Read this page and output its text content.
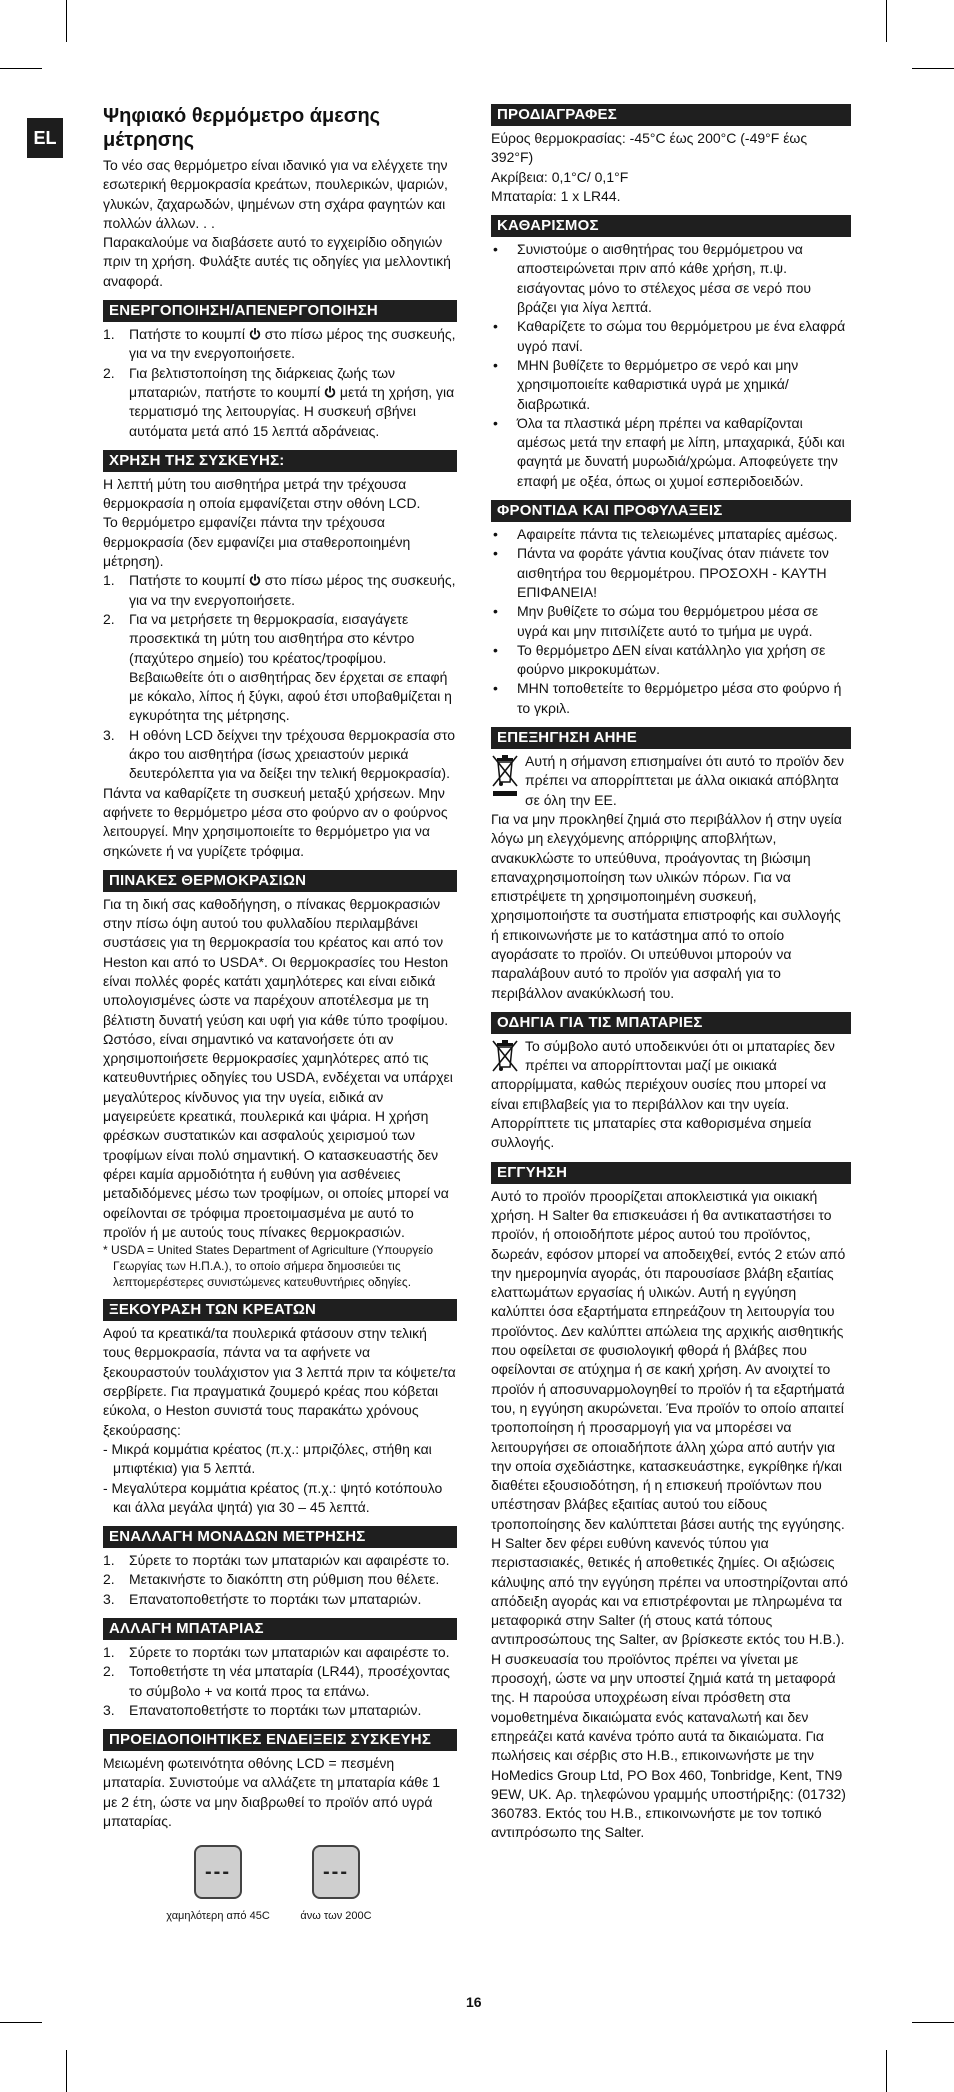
EL
Ψηφιακό θερμόμετρο άμεσης μέτρησης

Το νέο σας θερμόμετρο είναι ιδανικό για να ελέγχετε την εσωτερική θερμοκρασία κρεάτων, πουλερικών, ψαριών, γλυκών, ζαχαρωδών, ψημένων στη σχάρα φαγητών και πολλών άλλων. . .

Παρακαλούμε να διαβάσετε αυτό το εγχειρίδιο οδηγιών πριν τη χρήση. Φυλάξτε αυτές τις οδηγίες για μελλοντική αναφορά.

ΕΝΕΡΓΟΠΟΙΗΣΗ/ΑΠΕΝΕΡΓΟΠΟΙΗΣΗ
1. Πατήστε το κουμπί στο πίσω μέρος της συσκευής, για να την ενεργοποιήσετε.
2. Για βελτιστοποίηση της διάρκειας ζωής των μπαταριών, πατήστε το κουμπί μετά τη χρήση, για τερματισμό της λειτουργίας. Η συσκευή σβήνει αυτόματα μετά από 15 λεπτά αδράνειας.
ΧΡΗΣΗ ΤΗΣ ΣΥΣΚΕΥΗΣ:

Η λεπτή μύτη του αισθητήρα μετρά την τρέχουσα θερμοκρασία η οποία εμφανίζεται στην οθόνη LCD.

Το θερμόμετρο εμφανίζει πάντα την τρέχουσα θερμοκρασία (δεν εμφανίζει μια σταθεροποιημένη μέτρηση).

1. Πατήστε το κουμπί στο πίσω μέρος της συσκευής, για να την ενεργοποιήσετε.
2. Για να μετρήσετε τη θερμοκρασία, εισαγάγετε προσεκτικά τη μύτη του αισθητήρα στο κέντρο (παχύτερο σημείο) του κρέατος/τροφίμου. Βεβαιωθείτε ότι ο αισθητήρας δεν έρχεται σε επαφή με κόκαλο, λίπος ή ξύγκι, αφού έτσι υποβαθμίζεται η εγκυρότητα της μέτρησης.
3. Η οθόνη LCD δείχνει την τρέχουσα θερμοκρασία στο άκρο του αισθητήρα (ίσως χρειαστούν μερικά δευτερόλεπτα για να δείξει την τελική θερμοκρασία).

Πάντα να καθαρίζετε τη συσκευή μεταξύ χρήσεων. Μην αφήνετε το θερμόμετρο μέσα στο φούρνο αν ο φούρνος λειτουργεί. Μην χρησιμοποιείτε το θερμόμετρο για να σηκώνετε ή να γυρίζετε τρόφιμα.

ΠΙΝΑΚΕΣ ΘΕΡΜΟΚΡΑΣΙΩΝ

Για τη δική σας καθοδήγηση, ο πίνακας θερμοκρασιών στην πίσω όψη αυτού του φυλλαδίου περιλαμβάνει συστάσεις για τη θερμοκρασία του κρέατος και από τον Heston και από το USDA*. Οι θερμοκρασίες του Heston είναι πολλές φορές κατάτι χαμηλότερες και είναι ειδικά υπολογισμένες ώστε να παρέχουν αποτέλεσμα με τη βέλτιστη δυνατή γεύση και υφή για κάθε τύπο τροφίμου. Ωστόσο, είναι σημαντικό να κατανοήσετε ότι αν χρησιμοποιήσετε θερμοκρασίες χαμηλότερες από τις κατευθυντήριες οδηγίες του USDA, ενδέχεται να υπάρχει μεγαλύτερος κίνδυνος για την υγεία, ειδικά αν μαγειρεύετε κρεατικά, πουλερικά και ψάρια. Η χρήση φρέσκων συστατικών και ασφαλούς χειρισμού των τροφίμων είναι πολύ σημαντική. Ο κατασκευαστής δεν φέρει καμία αρμοδιότητα ή ευθύνη για ασθένειες μεταδιδόμενες μέσω των τροφίμων, οι οποίες μπορεί να οφείλονται σε τρόφιμα προετοιμασμένα με αυτό το προϊόν ή με αυτούς τους πίνακες θερμοκρασιών.

* USDA = United States Department of Agriculture (Υπουργείο Γεωργίας των Η.Π.Α.), το οποίο σήμερα δημοσιεύει τις λεπτομερέστερες συνιστώμενες κατευθυντήριες οδηγίες.

ΞΕΚΟΥΡΑΣΗ ΤΩΝ ΚΡΕΑΤΩΝ

Αφού τα κρεατικά/τα πουλερικά φτάσουν στην τελική τους θερμοκρασία, πάντα να τα αφήνετε να ξεκουραστούν τουλάχιστον για 3 λεπτά πριν τα κόψετε/τα σερβίρετε. Για πραγματικά ζουμερό κρέας που κόβεται εύκολα, ο Heston συνιστά τους παρακάτω χρόνους ξεκούρασης:

- Μικρά κομμάτια κρέατος (π.χ.: μπριζόλες, στήθη και μπιφτέκια) για 5 λεπτά.

- Μεγαλύτερα κομμάτια κρέατος (π.χ.: ψητό κοτόπουλο και άλλα μεγάλα ψητά) για 30 – 45 λεπτά.

ΕΝΑΛΛΑΓΗ ΜΟΝΑΔΩΝ ΜΕΤΡΗΣΗΣ
1. Σύρετε το πορτάκι των μπαταριών και αφαιρέστε το.
2. Μετακινήστε το διακόπτη στη ρύθμιση που θέλετε.
3. Επανατοποθετήστε το πορτάκι των μπαταριών.
ΑΛΛΑΓΗ ΜΠΑΤΑΡΙΑΣ
1. Σύρετε το πορτάκι των μπαταριών και αφαιρέστε το.
2. Τοποθετήστε τη νέα μπαταρία (LR44), προσέχοντας το σύμβολο + να κοιτά προς τα επάνω.
3. Επανατοποθετήστε το πορτάκι των μπαταριών.
ΠΡΟΕΙΔΟΠΟΙΗΤΙΚΕΣ ΕΝΔΕΙΞΕΙΣ ΣΥΣΚΕΥΗΣ

Μειωμένη φωτεινότητα οθόνης LCD = πεσμένη μπαταρία. Συνιστούμε να αλλάζετε τη μπαταρία κάθε 1 με 2 έτη, ώστε να μην διαβρωθεί το προϊόν από υγρά μπαταρίας.

---
χαμηλότερη από 45C
---
άνω των 200C
ΠΡΟΔΙΑΓΡΑΦΕΣ

Εύρος θερμοκρασίας: -45°C έως 200°C (-49°F έως 392°F)

Ακρίβεια: 0,1°C/ 0,1°F

Μπαταρία: 1 x LR44.

ΚΑΘΑΡΙΣΜΟΣ
• Συνιστούμε ο αισθητήρας του θερμόμετρου να αποστειρώνεται πριν από κάθε χρήση, π.ψ. εισάγοντας μόνο το στέλεχος μέσα σε νερό που βράζει για λίγα λεπτά.
• Καθαρίζετε το σώμα του θερμόμετρου με ένα ελαφρά υγρό πανί.
• ΜΗΝ βυθίζετε το θερμόμετρο σε νερό και μην χρησιμοποιείτε καθαριστικά υγρά με χημικά/διαβρωτικά.
• Όλα τα πλαστικά μέρη πρέπει να καθαρίζονται αμέσως μετά την επαφή με λίπη, μπαχαρικά, ξύδι και φαγητά με δυνατή μυρωδιά/χρώμα. Αποφεύγετε την επαφή με οξέα, όπως οι χυμοί εσπεριδοειδών.
ΦΡΟΝΤΙΔΑ ΚΑΙ ΠΡΟΦΥΛΑΞΕΙΣ
• Αφαιρείτε πάντα τις τελειωμένες μπαταρίες αμέσως.
• Πάντα να φοράτε γάντια κουζίνας όταν πιάνετε τον αισθητήρα του θερμομέτρου. ΠΡΟΣΟΧΗ - ΚΑΥΤΗ ΕΠΙΦΑΝΕΙΑ!
• Μην βυθίζετε το σώμα του θερμόμετρου μέσα σε υγρά και μην πιτσιλίζετε αυτό το τμήμα με υγρά.
• Το θερμόμετρο ΔΕΝ είναι κατάλληλο για χρήση σε φούρνο μικροκυμάτων.
• ΜΗΝ τοποθετείτε το θερμόμετρο μέσα στο φούρνο ή το γκριλ.
ΕΠΕΞΗΓΗΣΗ ΑΗΗΕ

Αυτή η σήμανση επισημαίνει ότι αυτό το προϊόν δεν πρέπει να απορρίπτεται με άλλα οικιακά απόβλητα σε όλη την ΕΕ.

Για να μην προκληθεί ζημιά στο περιβάλλον ή στην υγεία λόγω μη ελεγχόμενης απόρριψης αποβλήτων, ανακυκλώστε το υπεύθυνα, προάγοντας τη βιώσιμη επαναχρησιμοποίηση των υλικών πόρων. Για να επιστρέψετε τη χρησιμοποιημένη συσκευή, χρησιμοποιήστε τα συστήματα επιστροφής και συλλογής ή επικοινωνήστε με το κατάστημα από το οποίο αγοράσατε το προϊόν. Οι υπεύθυνοι μπορούν να παραλάβουν αυτό το προϊόν για ασφαλή για το περιβάλλον ανακύκλωσή του.

ΟΔΗΓΙΑ ΓΙΑ ΤΙΣ ΜΠΑΤΑΡΙΕΣ

Το σύμβολο αυτό υποδεικνύει ότι οι μπαταρίες δεν πρέπει να απορρίπτονται μαζί με οικιακά

απορρίμματα, καθώς περιέχουν ουσίες που μπορεί να είναι επιβλαβείς για το περιβάλλον και την υγεία. Απορρίπτετε τις μπαταρίες στα καθορισμένα σημεία συλλογής.

ΕΓΓΥΗΣΗ

Αυτό το προϊόν προορίζεται αποκλειστικά για οικιακή χρήση. Η Salter θα επισκευάσει ή θα αντικαταστήσει το προϊόν, ή οποιοδήποτε μέρος αυτού του προϊόντος, δωρεάν, εφόσον μπορεί να αποδειχθεί, εντός 2 ετών από την ημερομηνία αγοράς, ότι παρουσίασε βλάβη εξαιτίας ελαττωμάτων εργασίας ή υλικών. Αυτή η εγγύηση καλύπτει όσα εξαρτήματα επηρεάζουν τη λειτουργία του προϊόντος. Δεν καλύπτει απώλεια της αρχικής αισθητικής που οφείλεται σε φυσιολογική φθορά ή βλάβες που οφείλονται σε ατύχημα ή σε κακή χρήση. Αν ανοιχτεί το προϊόν ή αποσυναρμολογηθεί το προϊόν ή τα εξαρτήματά του, η εγγύηση ακυρώνεται. Ένα προϊόν το οποίο απαιτεί τροποποίηση ή προσαρμογή για να μπορέσει να λειτουργήσει σε οποιαδήποτε άλλη χώρα από αυτήν για την οποία σχεδιάστηκε, κατασκευάστηκε, εγκρίθηκε ή/και διαθέτει εξουσιοδότηση, ή η επισκευή προϊόντων που υπέστησαν βλάβες εξαιτίας αυτού του είδους τροποποίησης δεν καλύπτεται βάσει αυτής της εγγύησης. Η Salter δεν φέρει ευθύνη κανενός τύπου για περιστασιακές, θετικές ή αποθετικές ζημίες. Οι αξιώσεις κάλυψης από την εγγύηση πρέπει να υποστηρίζονται από απόδειξη αγοράς και να επιστρέφονται με πληρωμένα τα μεταφορικά στην Salter (ή στους κατά τόπους αντιπροσώπους της Salter, αν βρίσκεστε εκτός του Η.Β.). Η συσκευασία του προϊόντος πρέπει να γίνεται με προσοχή, ώστε να μην υποστεί ζημιά κατά τη μεταφορά της. Η παρούσα υποχρέωση είναι πρόσθετη στα νομοθετημένα δικαιώματα ενός καταναλωτή και δεν επηρεάζει κατά κανένα τρόπο αυτά τα δικαιώματα. Για πωλήσεις και σέρβις στο Η.Β., επικοινωνήστε με την HoMedics Group Ltd, PO Box 460, Tonbridge, Kent, TN9 9EW, UK. Αρ. τηλεφώνου γραμμής υποστήριξης: (01732) 360783. Εκτός του Η.Β., επικοινωνήστε με τον τοπικό αντιπρόσωπο της Salter.

16
